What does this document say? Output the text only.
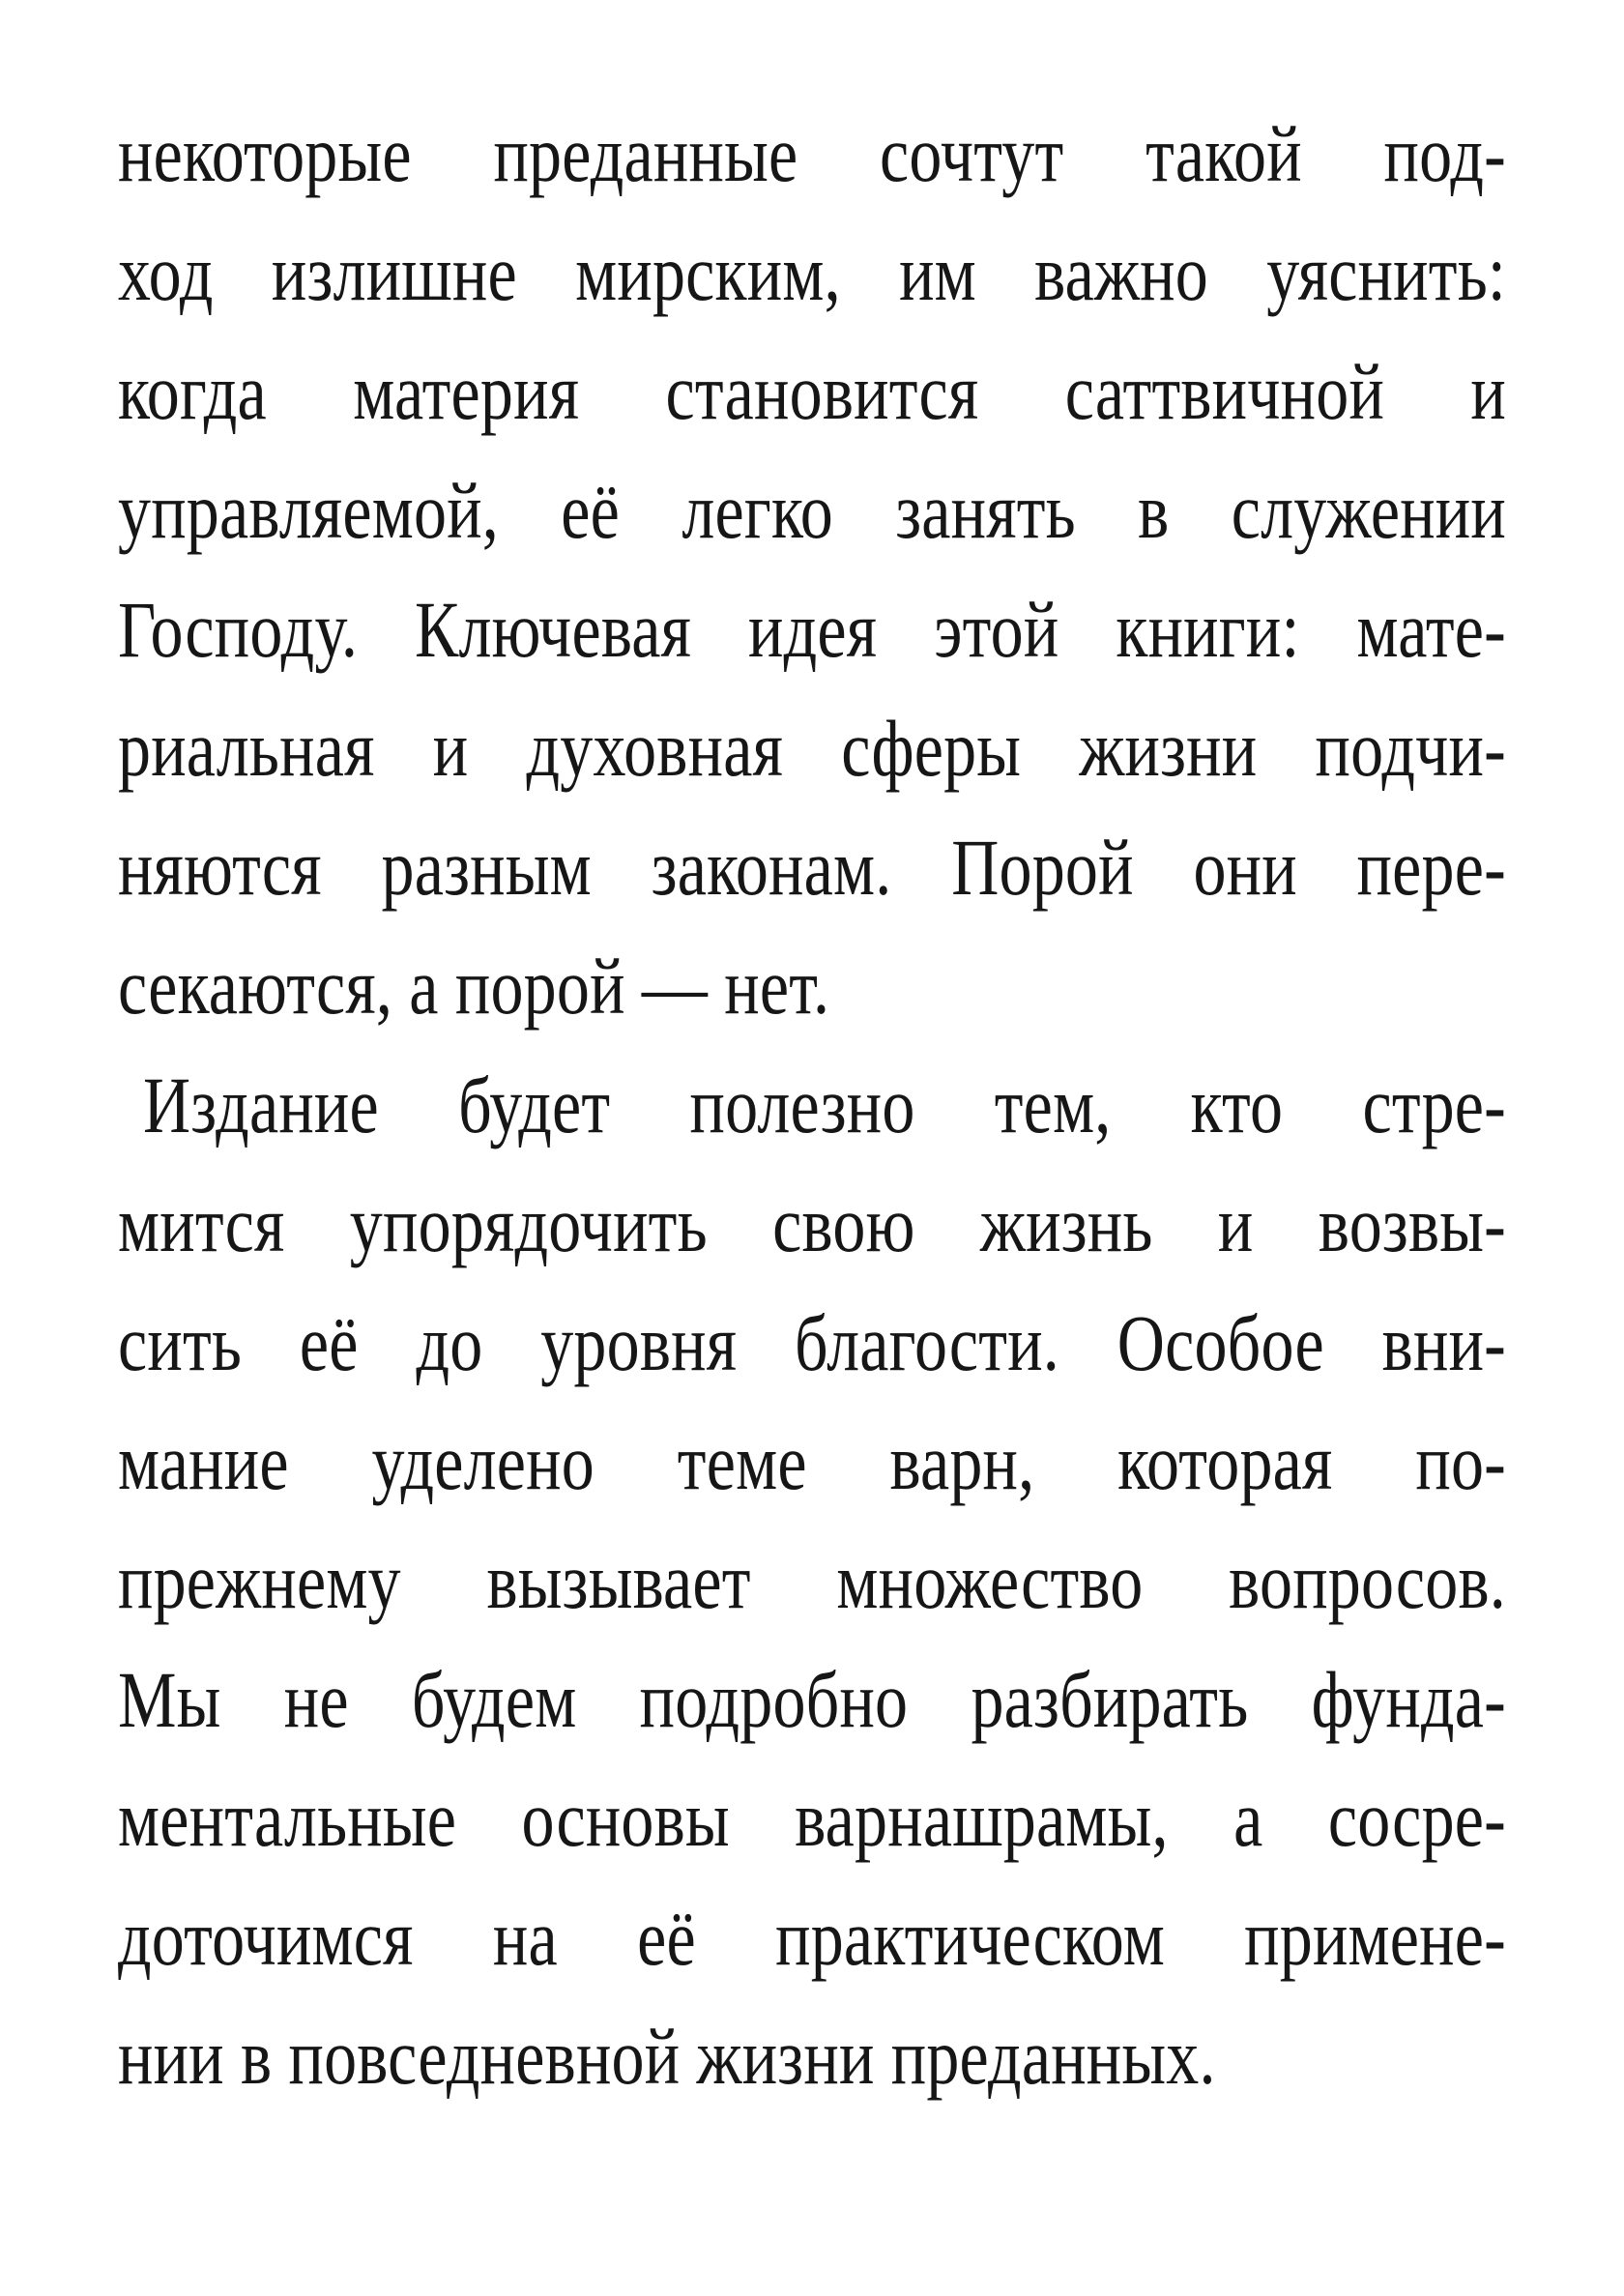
некоторые преданные сочтут такой под-
ход излишне мирским, им важно уяснить:
когда материя становится саттвичной и
управляемой, её легко занять в служении
Господу. Ключевая идея этой книги: мате-
риальная и духовная сферы жизни подчи-
няются разным законам. Порой они пере-
секаются, а порой — нет.
Издание будет полезно тем, кто стре-
мится упорядочить свою жизнь и возвы-
сить её до уровня благости. Особое вни-
мание уделено теме варн, которая по-
прежнему вызывает множество вопросов.
Мы не будем подробно разбирать фунда-
ментальные основы варнашрамы, а сосре-
доточимся на её практическом примене-
нии в повседневной жизни преданных.
